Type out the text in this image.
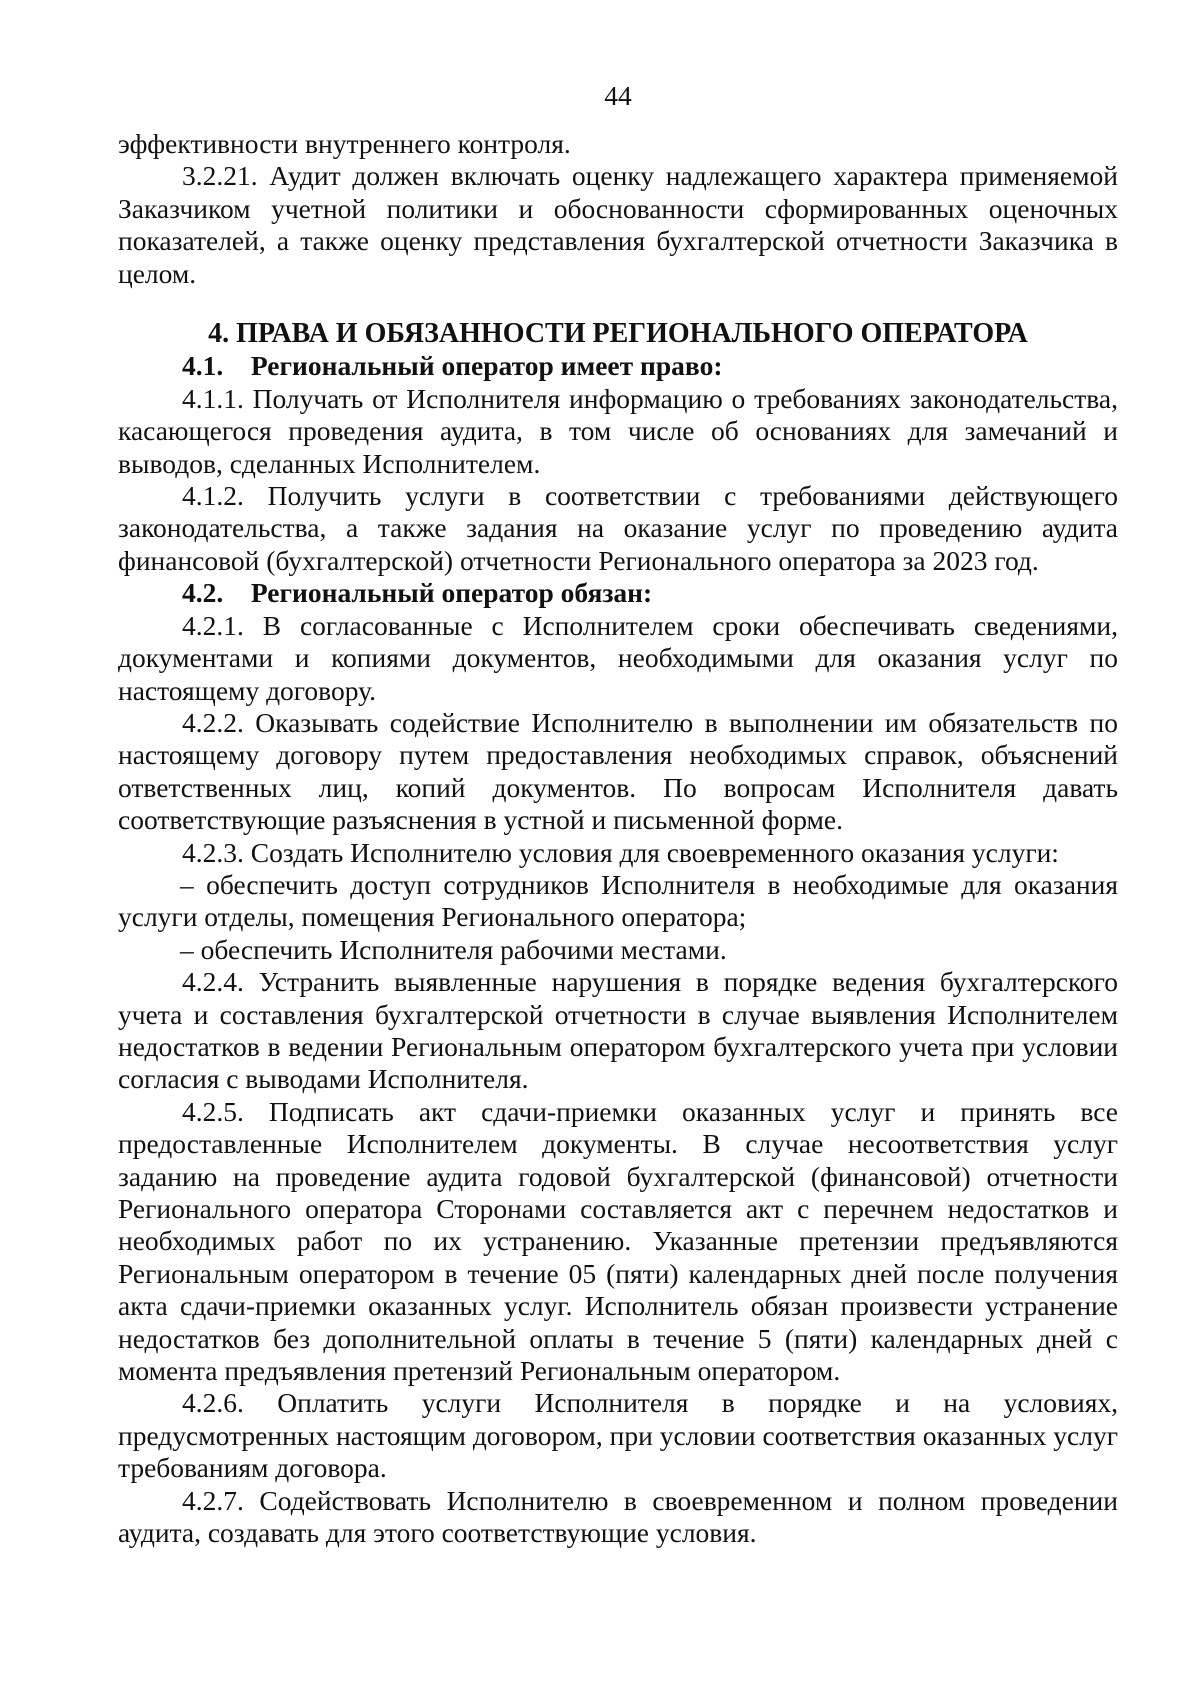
44

эффективности внутреннего контроля.

3.2.21. Аудит должен включать оценку надлежащего характера применяемой Заказчиком учетной политики и обоснованности сформированных оценочных показателей, а также оценку представления бухгалтерской отчетности Заказчика в целом.

4. ПРАВА И ОБЯЗАННОСТИ РЕГИОНАЛЬНОГО ОПЕРАТОРА

4.1. Региональный оператор имеет право:

4.1.1. Получать от Исполнителя информацию о требованиях законодательства, касающегося проведения аудита, в том числе об основаниях для замечаний и выводов, сделанных Исполнителем.

4.1.2. Получить услуги в соответствии с требованиями действующего законодательства, а также задания на оказание услуг по проведению аудита финансовой (бухгалтерской) отчетности Регионального оператора за 2023 год.

4.2. Региональный оператор обязан:

4.2.1. В согласованные с Исполнителем сроки обеспечивать сведениями, документами и копиями документов, необходимыми для оказания услуг по настоящему договору.

4.2.2. Оказывать содействие Исполнителю в выполнении им обязательств по настоящему договору путем предоставления необходимых справок, объяснений ответственных лиц, копий документов. По вопросам Исполнителя давать соответствующие разъяснения в устной и письменной форме.

4.2.3. Создать Исполнителю условия для своевременного оказания услуги:

– обеспечить доступ сотрудников Исполнителя в необходимые для оказания услуги отделы, помещения Регионального оператора;

– обеспечить Исполнителя рабочими местами.

4.2.4. Устранить выявленные нарушения в порядке ведения бухгалтерского учета и составления бухгалтерской отчетности в случае выявления Исполнителем недостатков в ведении Региональным оператором бухгалтерского учета при условии согласия с выводами Исполнителя.

4.2.5. Подписать акт сдачи-приемки оказанных услуг и принять все предоставленные Исполнителем документы. В случае несоответствия услуг заданию на проведение аудита годовой бухгалтерской (финансовой) отчетности Регионального оператора Сторонами составляется акт с перечнем недостатков и необходимых работ по их устранению. Указанные претензии предъявляются Региональным оператором в течение 05 (пяти) календарных дней после получения акта сдачи-приемки оказанных услуг. Исполнитель обязан произвести устранение недостатков без дополнительной оплаты в течение 5 (пяти) календарных дней с момента предъявления претензий Региональным оператором.

4.2.6. Оплатить услуги Исполнителя в порядке и на условиях, предусмотренных настоящим договором, при условии соответствия оказанных услуг требованиям договора.

4.2.7. Содействовать Исполнителю в своевременном и полном проведении аудита, создавать для этого соответствующие условия.
